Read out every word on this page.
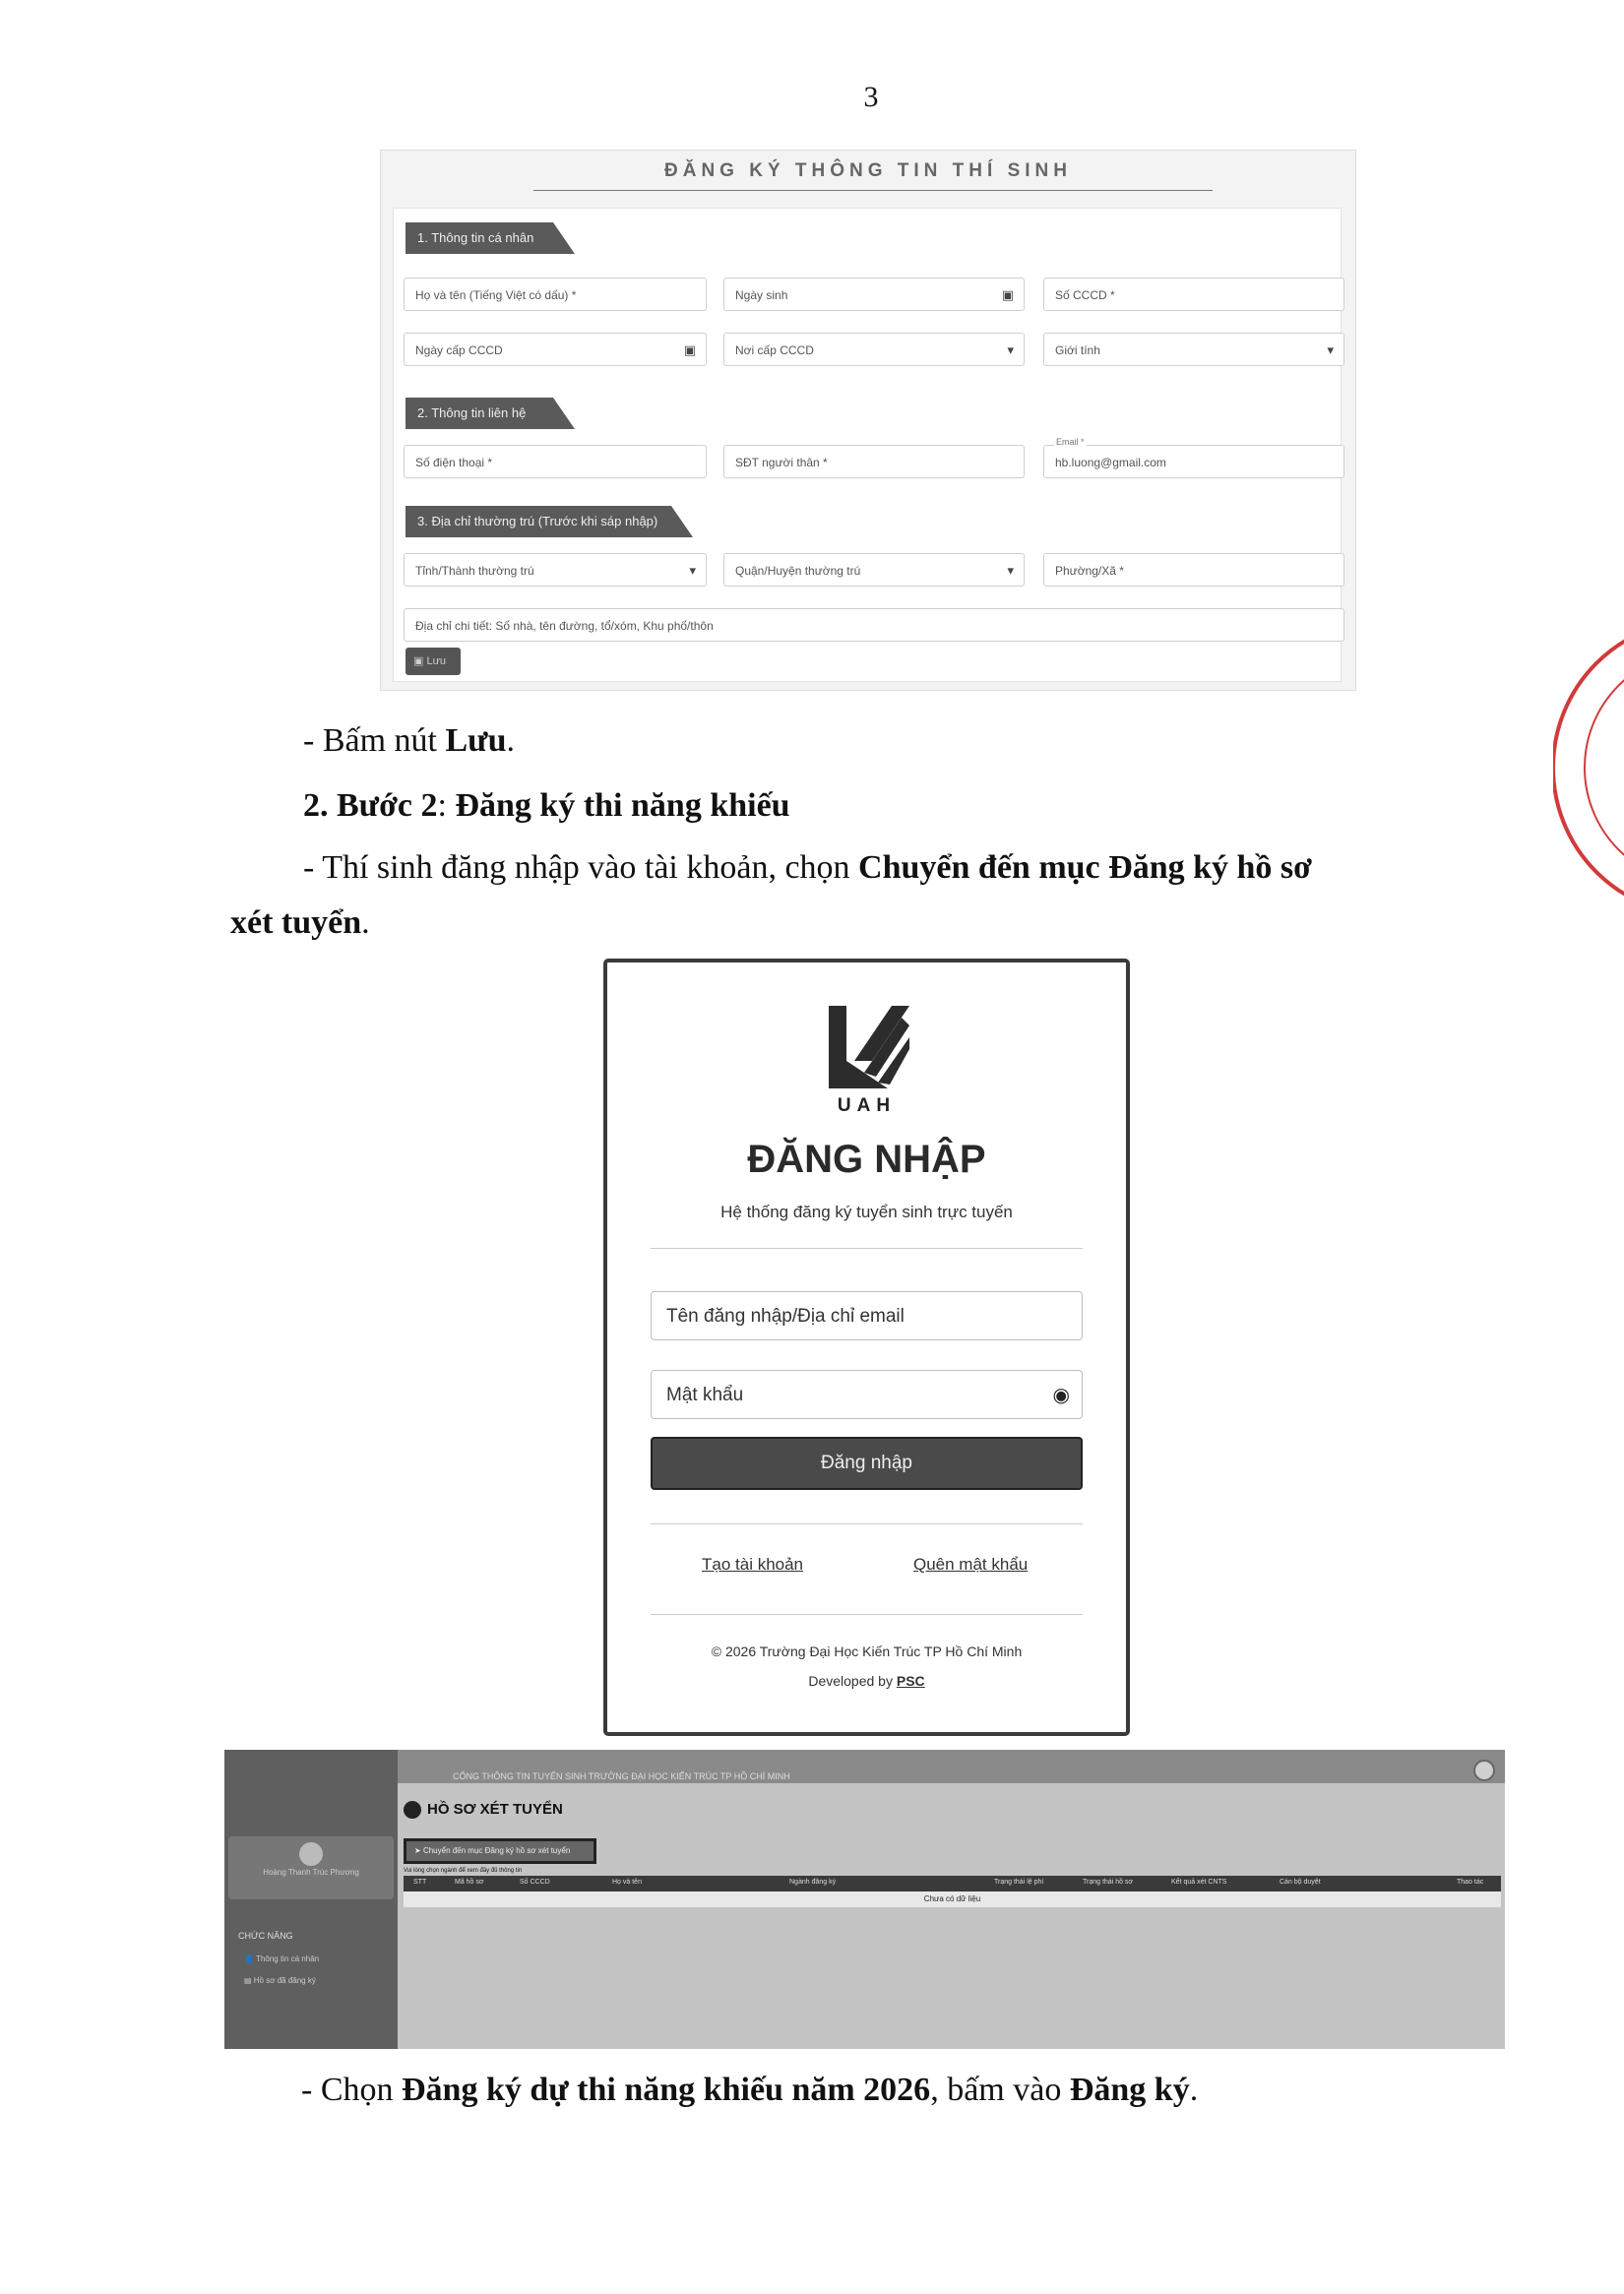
3
ĐĂNG KÝ THÔNG TIN THÍ SINH
1. Thông tin cá nhân
Họ và tên (Tiếng Việt có dấu) *	Ngày sinh	▣	Số CCCD *
Ngày cấp CCCD	▣	Nơi cấp CCCD	▾	Giới tính	▾
2. Thông tin liên hệ
Số điện thoại *	SĐT người thân *
Email *
hb.luong@gmail.com
3. Địa chỉ thường trú (Trước khi sáp nhập)
Tỉnh/Thành thường trú	▾	Quận/Huyện thường trú	▾	Phường/Xã *
Địa chỉ chi tiết: Số nhà, tên đường, tổ/xóm, Khu phố/thôn
▣ Lưu
- Bấm nút Lưu.
2. Bước 2: Đăng ký thi năng khiếu
- Thí sinh đăng nhập vào tài khoản, chọn Chuyển đến mục Đăng ký hồ sơ
xét tuyển.
UAH
ĐĂNG NHẬP
Hệ thống đăng ký tuyển sinh trực tuyến
Tên đăng nhập/Địa chỉ email
Mật khẩu	◉
Đăng nhập
Tạo tài khoản	Quên mật khẩu
© 2026 Trường Đại Học Kiến Trúc TP Hồ Chí Minh
Developed by PSC
Hoàng Thanh Trúc Phương
CHỨC NĂNG
👤 Thông tin cá nhân
▤ Hồ sơ đã đăng ký
CỔNG THÔNG TIN TUYỂN SINH TRƯỜNG ĐẠI HỌC KIẾN TRÚC TP HỒ CHÍ MINH
HỒ SƠ XÉT TUYỂN
➤ Chuyển đến mục Đăng ký hồ sơ xét tuyển
Vui lòng chọn ngành để xem đầy đủ thông tin
STT	Mã hồ sơ	Số CCCD	Họ và tên	Ngành đăng ký	Trạng thái lệ phí	Trạng thái hồ sơ	Kết quả xét CNTS	Cán bộ duyệt	Thao tác
Chưa có dữ liệu
- Chọn Đăng ký dự thi năng khiếu năm 2026, bấm vào Đăng ký.
